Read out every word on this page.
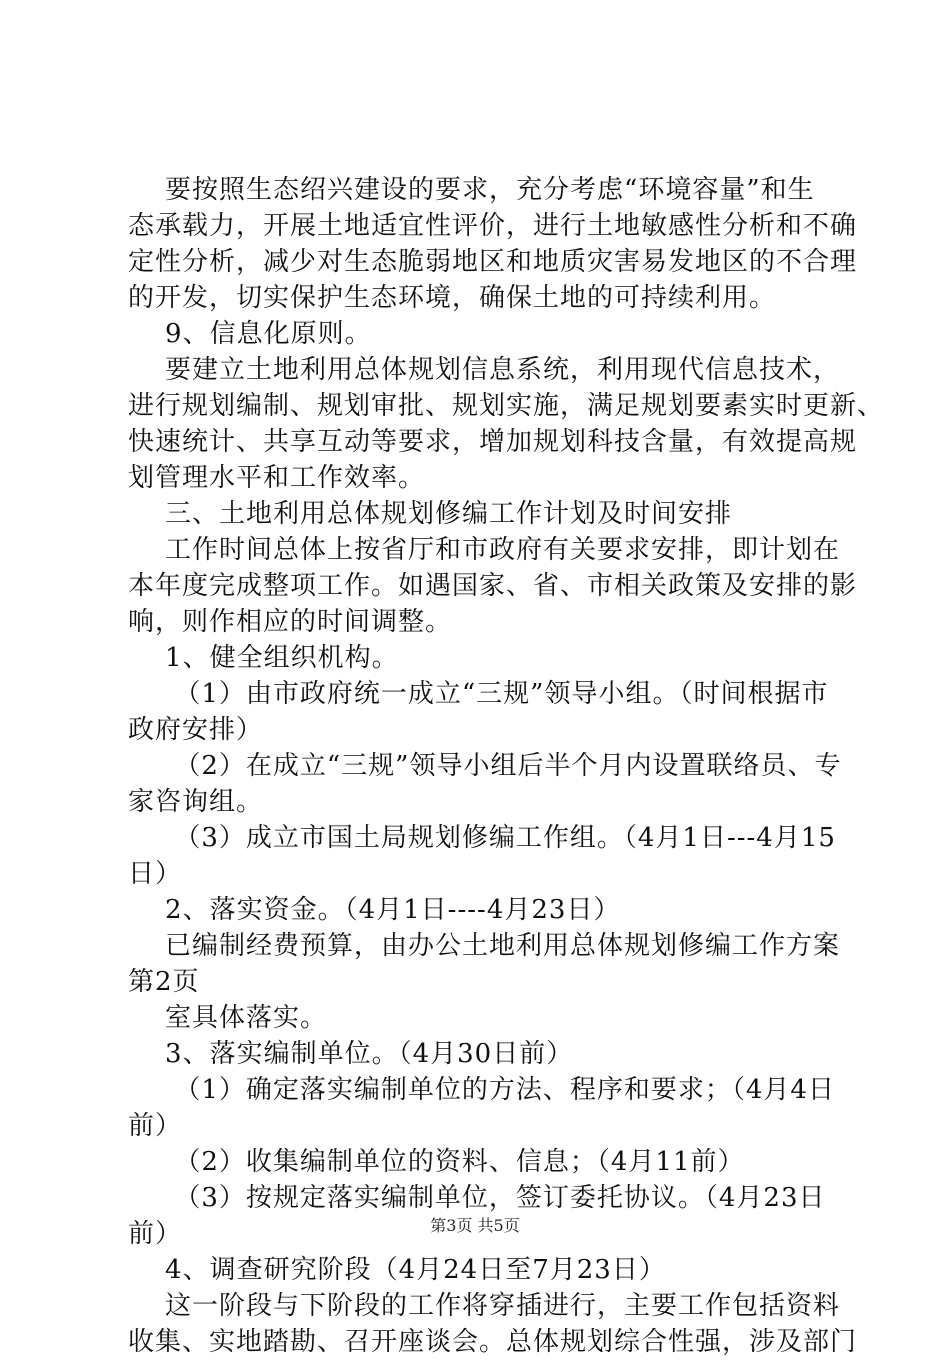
要按照生态绍兴建设的要求，充分考虑“环境容量”和生
态承载力，开展土地适宜性评价，进行土地敏感性分析和不确
定性分析，减少对生态脆弱地区和地质灾害易发地区的不合理
的开发，切实保护生态环境，确保土地的可持续利用。
9、信息化原则。
要建立土地利用总体规划信息系统，利用现代信息技术，
进行规划编制、规划审批、规划实施，满足规划要素实时更新、
快速统计、共享互动等要求，增加规划科技含量，有效提高规
划管理水平和工作效率。
三、土地利用总体规划修编工作计划及时间安排
工作时间总体上按省厅和市政府有关要求安排，即计划在
本年度完成整项工作。如遇国家、省、市相关政策及安排的影
响，则作相应的时间调整。
1、健全组织机构。
（1）由市政府统一成立“三规”领导小组。（时间根据市
政府安排）
（2）在成立“三规”领导小组后半个月内设置联络员、专
家咨询组。
（3）成立市国土局规划修编工作组。（4月1日---4月15
日）
2、落实资金。（4月1日----4月23日）
已编制经费预算，由办公土地利用总体规划修编工作方案
第2页
室具体落实。
3、落实编制单位。（4月30日前）
（1）确定落实编制单位的方法、程序和要求；（4月4日
前）
（2）收集编制单位的资料、信息；（4月11前）
（3）按规定落实编制单位，签订委托协议。（4月23日
前）
4、调查研究阶段（4月24日至7月23日）
这一阶段与下阶段的工作将穿插进行，主要工作包括资料
收集、实地踏勘、召开座谈会。总体规划综合性强，涉及部门
第3页 共5页
